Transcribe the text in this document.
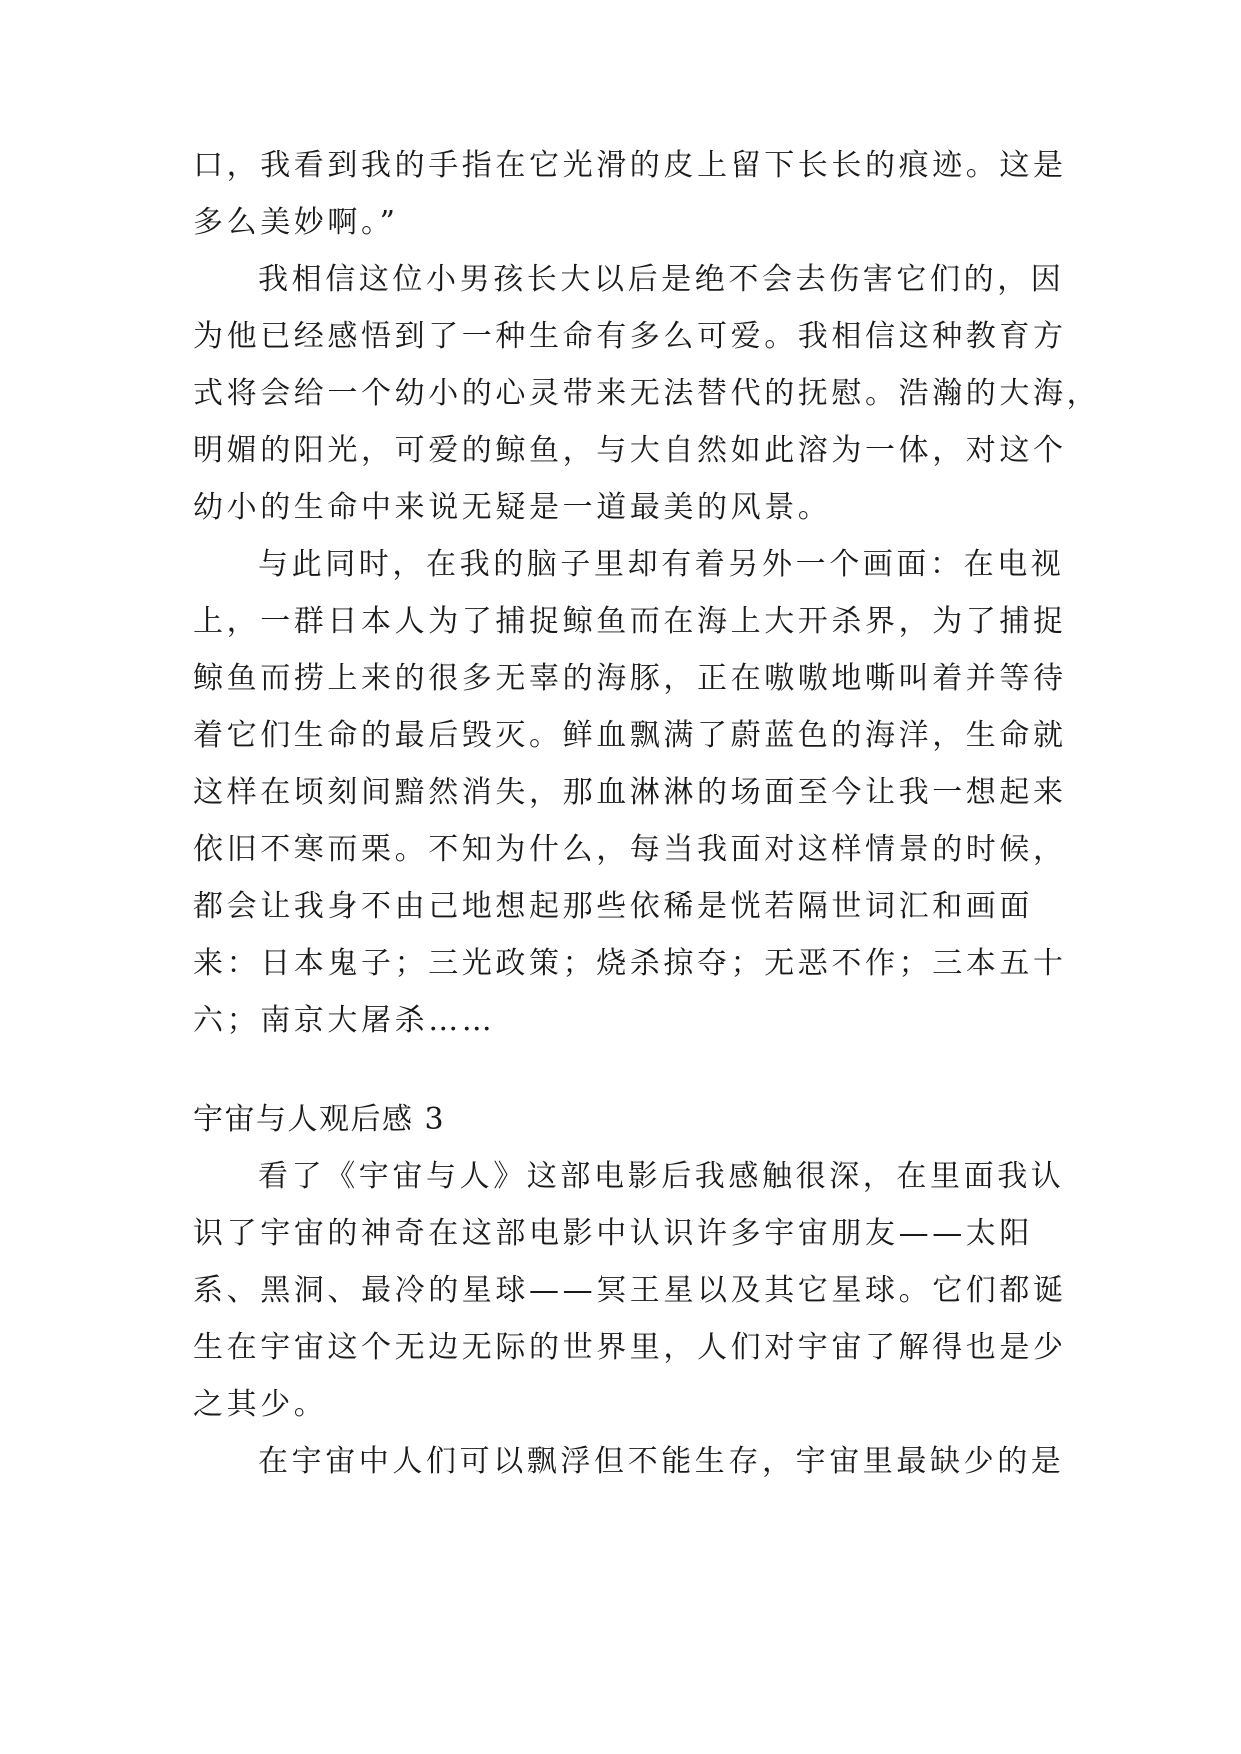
口，我看到我的手指在它光滑的皮上留下长长的痕迹。这是
多么美妙啊。”
我相信这位小男孩长大以后是绝不会去伤害它们的，因
为他已经感悟到了一种生命有多么可爱。我相信这种教育方
式将会给一个幼小的心灵带来无法替代的抚慰。浩瀚的大海，
明媚的阳光，可爱的鲸鱼，与大自然如此溶为一体，对这个
幼小的生命中来说无疑是一道最美的风景。
与此同时，在我的脑子里却有着另外一个画面：在电视
上，一群日本人为了捕捉鲸鱼而在海上大开杀界，为了捕捉
鲸鱼而捞上来的很多无辜的海豚，正在嗷嗷地嘶叫着并等待
着它们生命的最后毁灭。鲜血飘满了蔚蓝色的海洋，生命就
这样在顷刻间黯然消失，那血淋淋的场面至今让我一想起来
依旧不寒而栗。不知为什么，每当我面对这样情景的时候，
都会让我身不由己地想起那些依稀是恍若隔世词汇和画面
来：日本鬼子；三光政策；烧杀掠夺；无恶不作；三本五十
六；南京大屠杀……
宇宙与人观后感 3
看了《宇宙与人》这部电影后我感触很深，在里面我认
识了宇宙的神奇在这部电影中认识许多宇宙朋友——太阳
系、黑洞、最冷的星球——冥王星以及其它星球。它们都诞
生在宇宙这个无边无际的世界里，人们对宇宙了解得也是少
之其少。
在宇宙中人们可以飘浮但不能生存，宇宙里最缺少的是
